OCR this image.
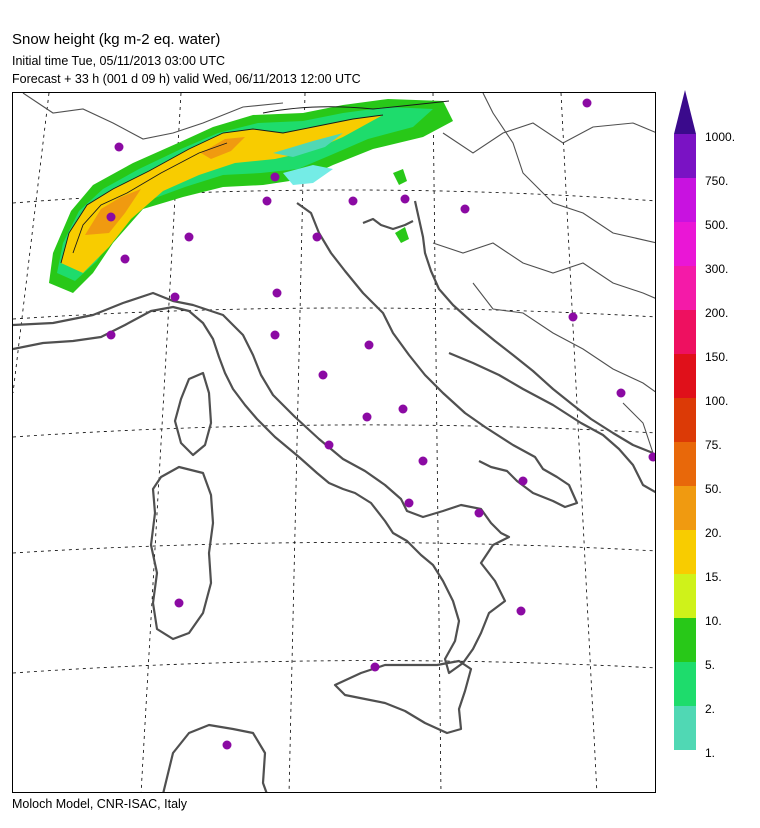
Snow height (kg m-2 eq. water)
Initial time Tue, 05/11/2013 03:00 UTC
Forecast + 33 h (001 d 09 h) valid Wed, 06/11/2013 12:00 UTC
1000.
750.
500.
300.
200.
150.
100.
75.
50.
20.
15.
10.
5.
2.
1.
Moloch Model, CNR-ISAC, Italy
